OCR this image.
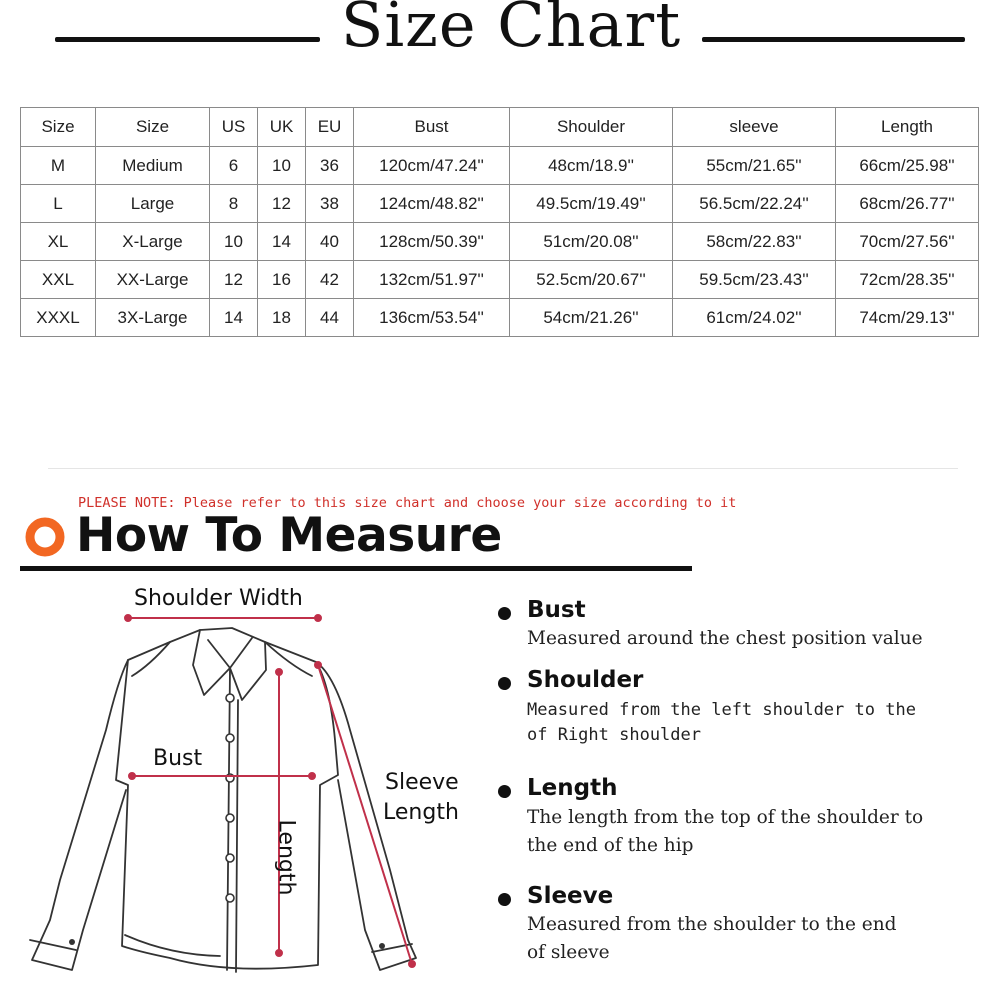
Size Chart
Size	Size	US	UK	EU	Bust	Shoulder	sleeve	Length
M	Medium	6	10	36	120cm/47.24''	48cm/18.9''	55cm/21.65''	66cm/25.98''
L	Large	8	12	38	124cm/48.82''	49.5cm/19.49''	56.5cm/22.24''	68cm/26.77''
XL	X-Large	10	14	40	128cm/50.39''	51cm/20.08''	58cm/22.83''	70cm/27.56''
XXL	XX-Large	12	16	42	132cm/51.97''	52.5cm/20.67''	59.5cm/23.43''	72cm/28.35''
XXXL	3X-Large	14	18	44	136cm/53.54''	54cm/21.26''	61cm/24.02''	74cm/29.13''
PLEASE NOTE: Please refer to this size chart and choose your size according to it
How To Measure
Shoulder Width
Bust
Sleeve
Length
Length
Bust
Measured around the chest position value
Shoulder
Measured from the left shoulder to the
of Right shoulder
Length
The length from the top of the shoulder to
the end of the hip
Sleeve
Measured from the shoulder to the end
of sleeve
